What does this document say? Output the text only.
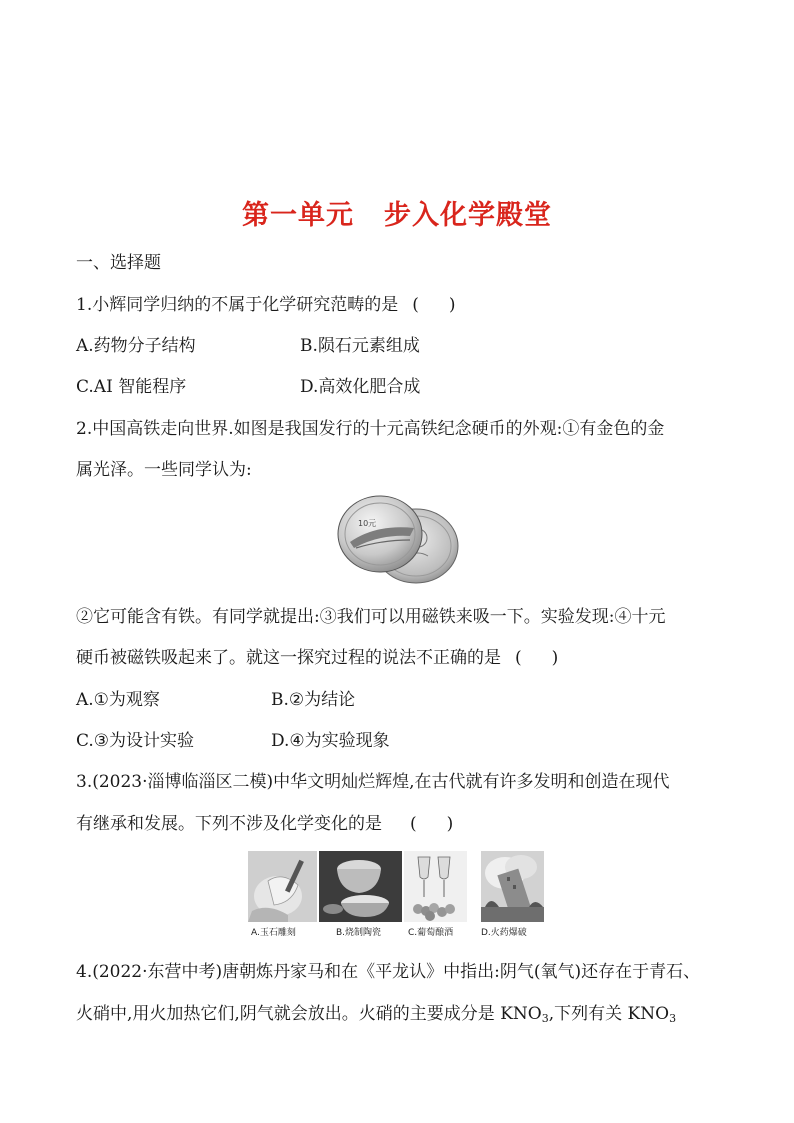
第一单元 步入化学殿堂
一、选择题
1.小辉同学归纳的不属于化学研究范畴的是 ( )
A.药物分子结构	B.陨石元素组成
C.AI 智能程序	D.高效化肥合成
2.中国高铁走向世界.如图是我国发行的十元高铁纪念硬币的外观:①有金色的金
属光泽。一些同学认为:
10元
②它可能含有铁。有同学就提出:③我们可以用磁铁来吸一下。实验发现:④十元
硬币被磁铁吸起来了。就这一探究过程的说法不正确的是 ( )
A.①为观察	B.②为结论
C.③为设计实验	D.④为实验现象
3.(2023·淄博临淄区二模)中华文明灿烂辉煌,在古代就有许多发明和创造在现代
有继承和发展。下列不涉及化学变化的是 ( )
A.玉石雕刻	B.烧制陶瓷	C.葡萄酿酒	D.火药爆破
4.(2022·东营中考)唐朝炼丹家马和在《平龙认》中指出:阴气(氧气)还存在于青石、
火硝中,用火加热它们,阴气就会放出。火硝的主要成分是 $KNO_3$,下列有关 $KNO_3$
